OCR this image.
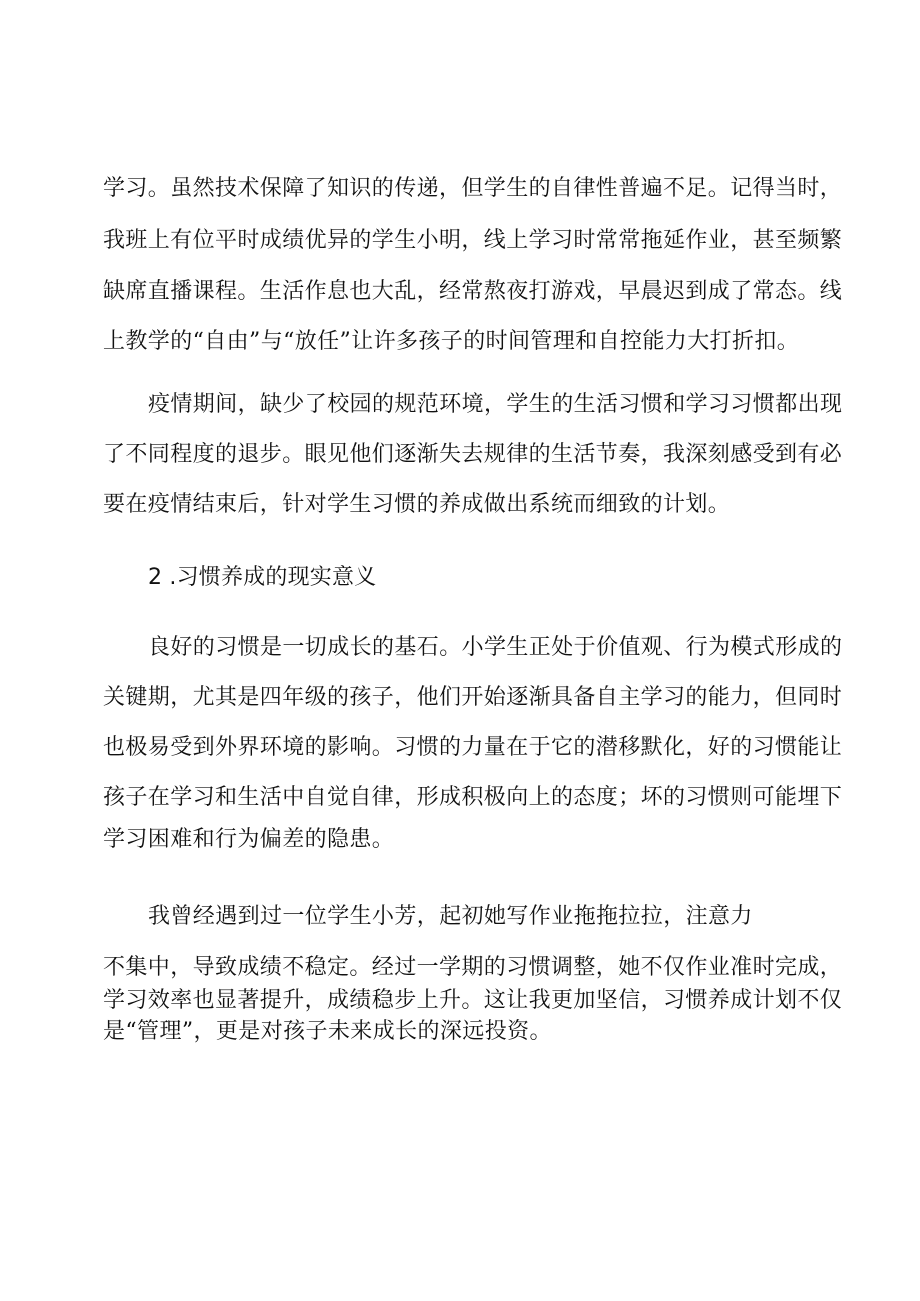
学习。虽然技术保障了知识的传递，但学生的自律性普遍不足。记得当时，
我班上有位平时成绩优异的学生小明，线上学习时常常拖延作业，甚至频繁
缺席直播课程。生活作息也大乱，经常熬夜打游戏，早晨迟到成了常态。线
上教学的“自由”与“放任”让许多孩子的时间管理和自控能力大打折扣。
疫情期间，缺少了校园的规范环境，学生的生活习惯和学习习惯都出现
了不同程度的退步。眼见他们逐渐失去规律的生活节奏，我深刻感受到有必
要在疫情结束后，针对学生习惯的养成做出系统而细致的计划。
2 .习惯养成的现实意义
良好的习惯是一切成长的基石。小学生正处于价值观、行为模式形成的
关键期，尤其是四年级的孩子，他们开始逐渐具备自主学习的能力，但同时
也极易受到外界环境的影响。习惯的力量在于它的潜移默化，好的习惯能让
孩子在学习和生活中自觉自律，形成积极向上的态度；坏的习惯则可能埋下
学习困难和行为偏差的隐患。
我曾经遇到过一位学生小芳，起初她写作业拖拖拉拉，注意力
不集中，导致成绩不稳定。经过一学期的习惯调整，她不仅作业准时完成，
学习效率也显著提升，成绩稳步上升。这让我更加坚信，习惯养成计划不仅
是“管理”，更是对孩子未来成长的深远投资。
